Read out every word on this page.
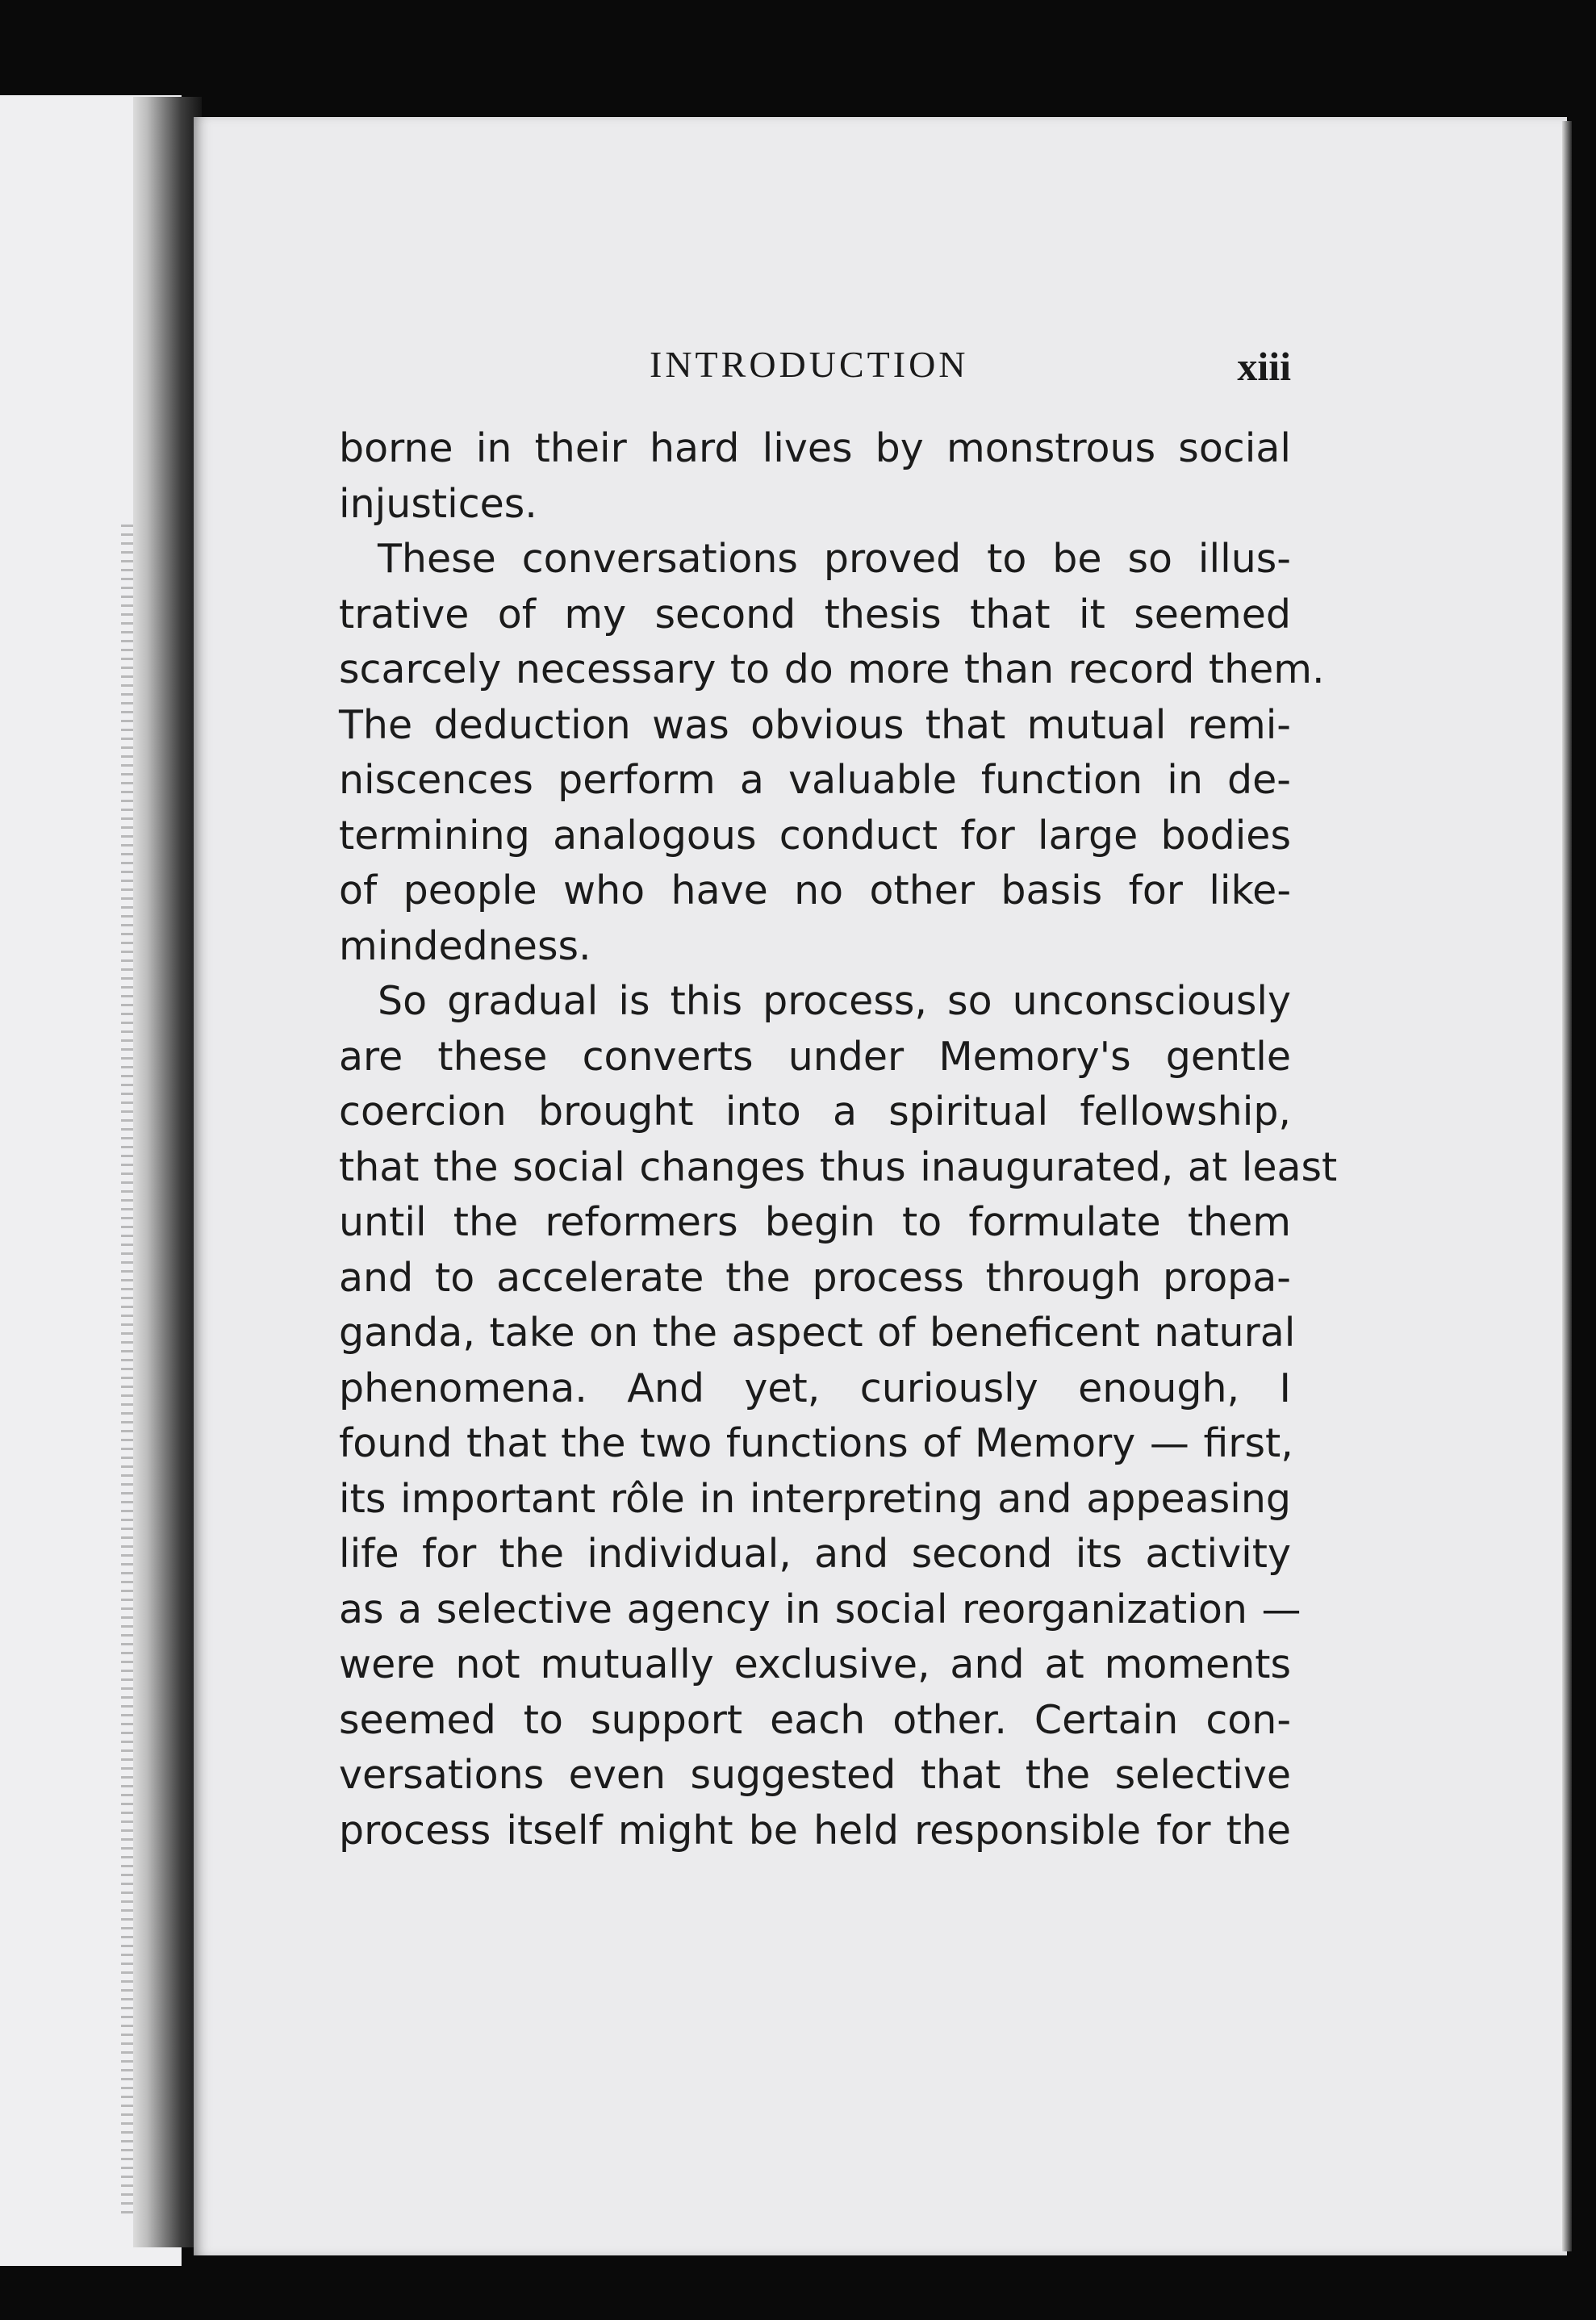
INTRODUCTION	xiii
borne in their hard lives by monstrous social
injustices.
These conversations proved to be so illus-
trative of my second thesis that it seemed
scarcely necessary to do more than record them.
The deduction was obvious that mutual remi-
niscences perform a valuable function in de-
termining analogous conduct for large bodies
of people who have no other basis for like-
mindedness.
So gradual is this process, so unconsciously
are these converts under Memory's gentle
coercion brought into a spiritual fellowship,
that the social changes thus inaugurated, at least
until the reformers begin to formulate them
and to accelerate the process through propa-
ganda, take on the aspect of beneficent natural
phenomena. And yet, curiously enough, I
found that the two functions of Memory — first,
its important rôle in interpreting and appeasing
life for the individual, and second its activity
as a selective agency in social reorganization —
were not mutually exclusive, and at moments
seemed to support each other. Certain con-
versations even suggested that the selective
process itself might be held responsible for the
